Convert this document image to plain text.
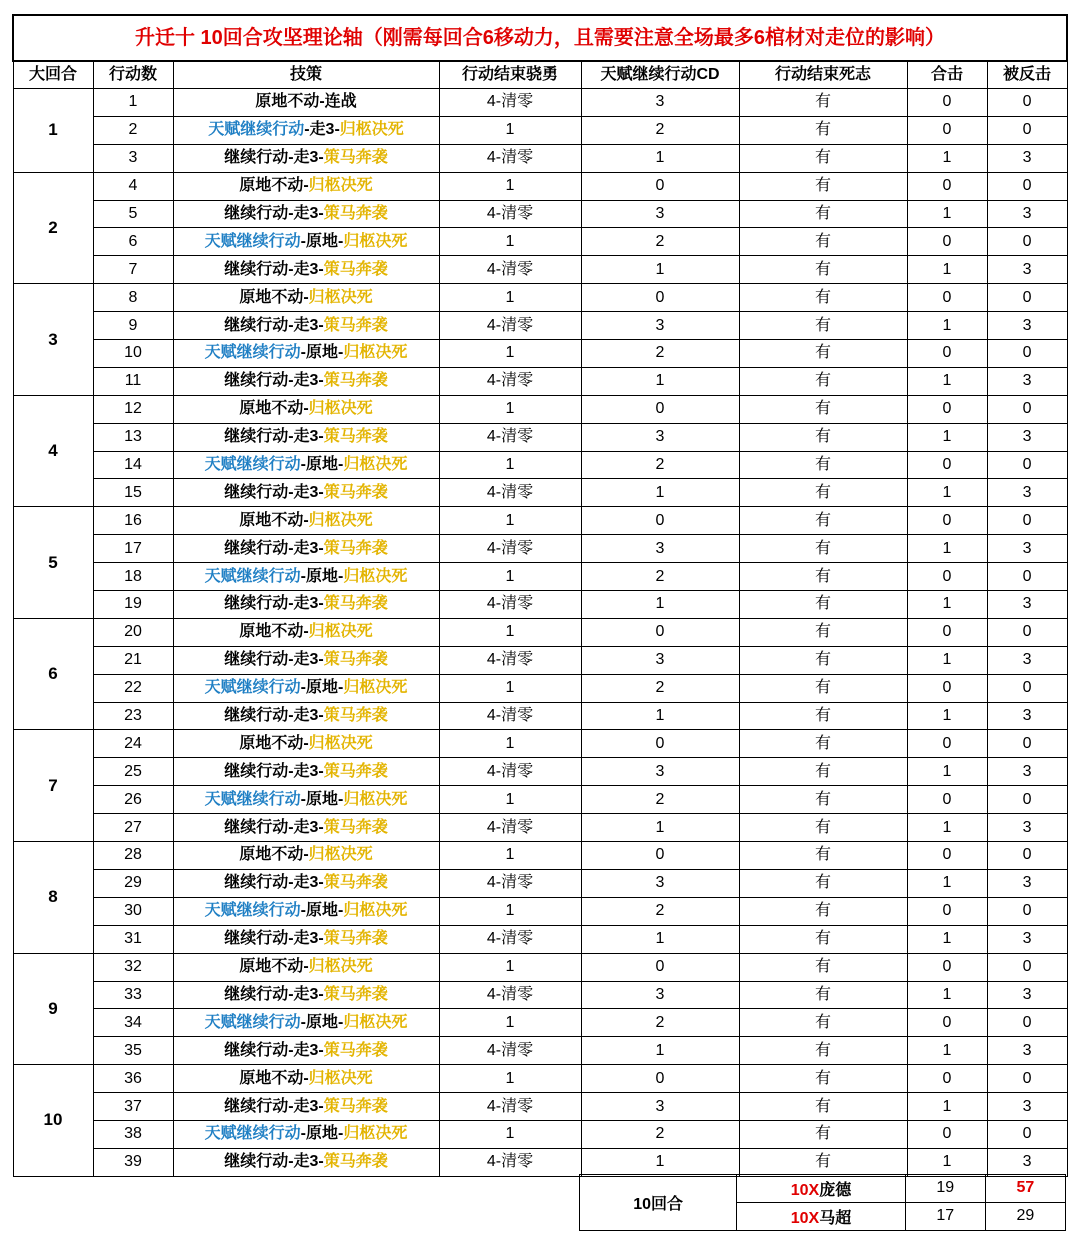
升迁十 10回合攻坚理论轴（刚需每回合6移动力，且需要注意全场最多6棺材对走位的影响）							
大回合	行动数	技策	行动结束骁勇	天赋继续行动CD	行动结束死志	合击	被反击
1	1	原地不动-连战	4-清零	3	有	0	0
	2	天赋继续行动-走3-归柩决死	1	2	有	0	0
	3	继续行动-走3-策马奔袭	4-清零	1	有	1	3
2	4	原地不动-归柩决死	1	0	有	0	0
	5	继续行动-走3-策马奔袭	4-清零	3	有	1	3
	6	天赋继续行动-原地-归柩决死	1	2	有	0	0
	7	继续行动-走3-策马奔袭	4-清零	1	有	1	3
3	8	原地不动-归柩决死	1	0	有	0	0
	9	继续行动-走3-策马奔袭	4-清零	3	有	1	3
	10	天赋继续行动-原地-归柩决死	1	2	有	0	0
	11	继续行动-走3-策马奔袭	4-清零	1	有	1	3
4	12	原地不动-归柩决死	1	0	有	0	0
	13	继续行动-走3-策马奔袭	4-清零	3	有	1	3
	14	天赋继续行动-原地-归柩决死	1	2	有	0	0
	15	继续行动-走3-策马奔袭	4-清零	1	有	1	3
5	16	原地不动-归柩决死	1	0	有	0	0
	17	继续行动-走3-策马奔袭	4-清零	3	有	1	3
	18	天赋继续行动-原地-归柩决死	1	2	有	0	0
	19	继续行动-走3-策马奔袭	4-清零	1	有	1	3
6	20	原地不动-归柩决死	1	0	有	0	0
	21	继续行动-走3-策马奔袭	4-清零	3	有	1	3
	22	天赋继续行动-原地-归柩决死	1	2	有	0	0
	23	继续行动-走3-策马奔袭	4-清零	1	有	1	3
7	24	原地不动-归柩决死	1	0	有	0	0
	25	继续行动-走3-策马奔袭	4-清零	3	有	1	3
	26	天赋继续行动-原地-归柩决死	1	2	有	0	0
	27	继续行动-走3-策马奔袭	4-清零	1	有	1	3
8	28	原地不动-归柩决死	1	0	有	0	0
	29	继续行动-走3-策马奔袭	4-清零	3	有	1	3
	30	天赋继续行动-原地-归柩决死	1	2	有	0	0
	31	继续行动-走3-策马奔袭	4-清零	1	有	1	3
9	32	原地不动-归柩决死	1	0	有	0	0
	33	继续行动-走3-策马奔袭	4-清零	3	有	1	3
	34	天赋继续行动-原地-归柩决死	1	2	有	0	0
	35	继续行动-走3-策马奔袭	4-清零	1	有	1	3
10	36	原地不动-归柩决死	1	0	有	0	0
	37	继续行动-走3-策马奔袭	4-清零	3	有	1	3
	38	天赋继续行动-原地-归柩决死	1	2	有	0	0
	39	继续行动-走3-策马奔袭	4-清零	1	有	1	3
10回合	10X庞德	19	57
	10X马超	17	29
